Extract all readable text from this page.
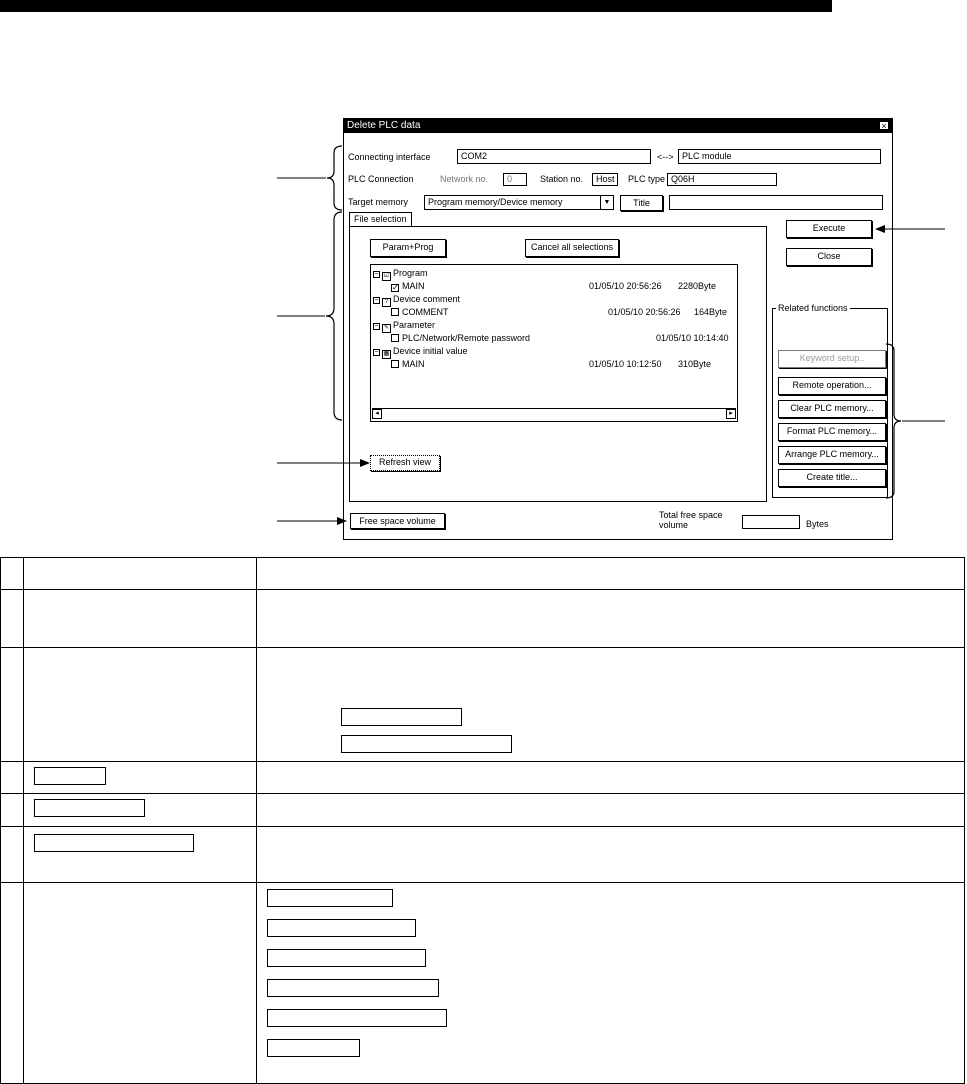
Delete PLC data	×
Connecting interface	COM2	<--> PLC module
PLC Connection	Network no.	0	Station no.	Host	PLC type Q06H
Target memory	Program memory/Device memory	▼	Title
File selection
Param+Prog	Cancel all selections
− ☑ Program
✓ MAIN	01/05/10 20:56:26 2280Byte
− ? Device comment
COMMENT	01/05/10 20:56:26 164Byte
− ✎ Parameter
PLC/Network/Remote password	01/05/10 10:14:40
− ▦ Device initial value
MAIN	01/05/10 10:12:50 310Byte
◂	▸
Refresh view
Execute
Close
Related functions
Keyword setup..
Remote operation...
Clear PLC memory...
Format PLC memory...
Arrange PLC memory...
Create title...
Free space volume
Total free space
volume	Bytes
